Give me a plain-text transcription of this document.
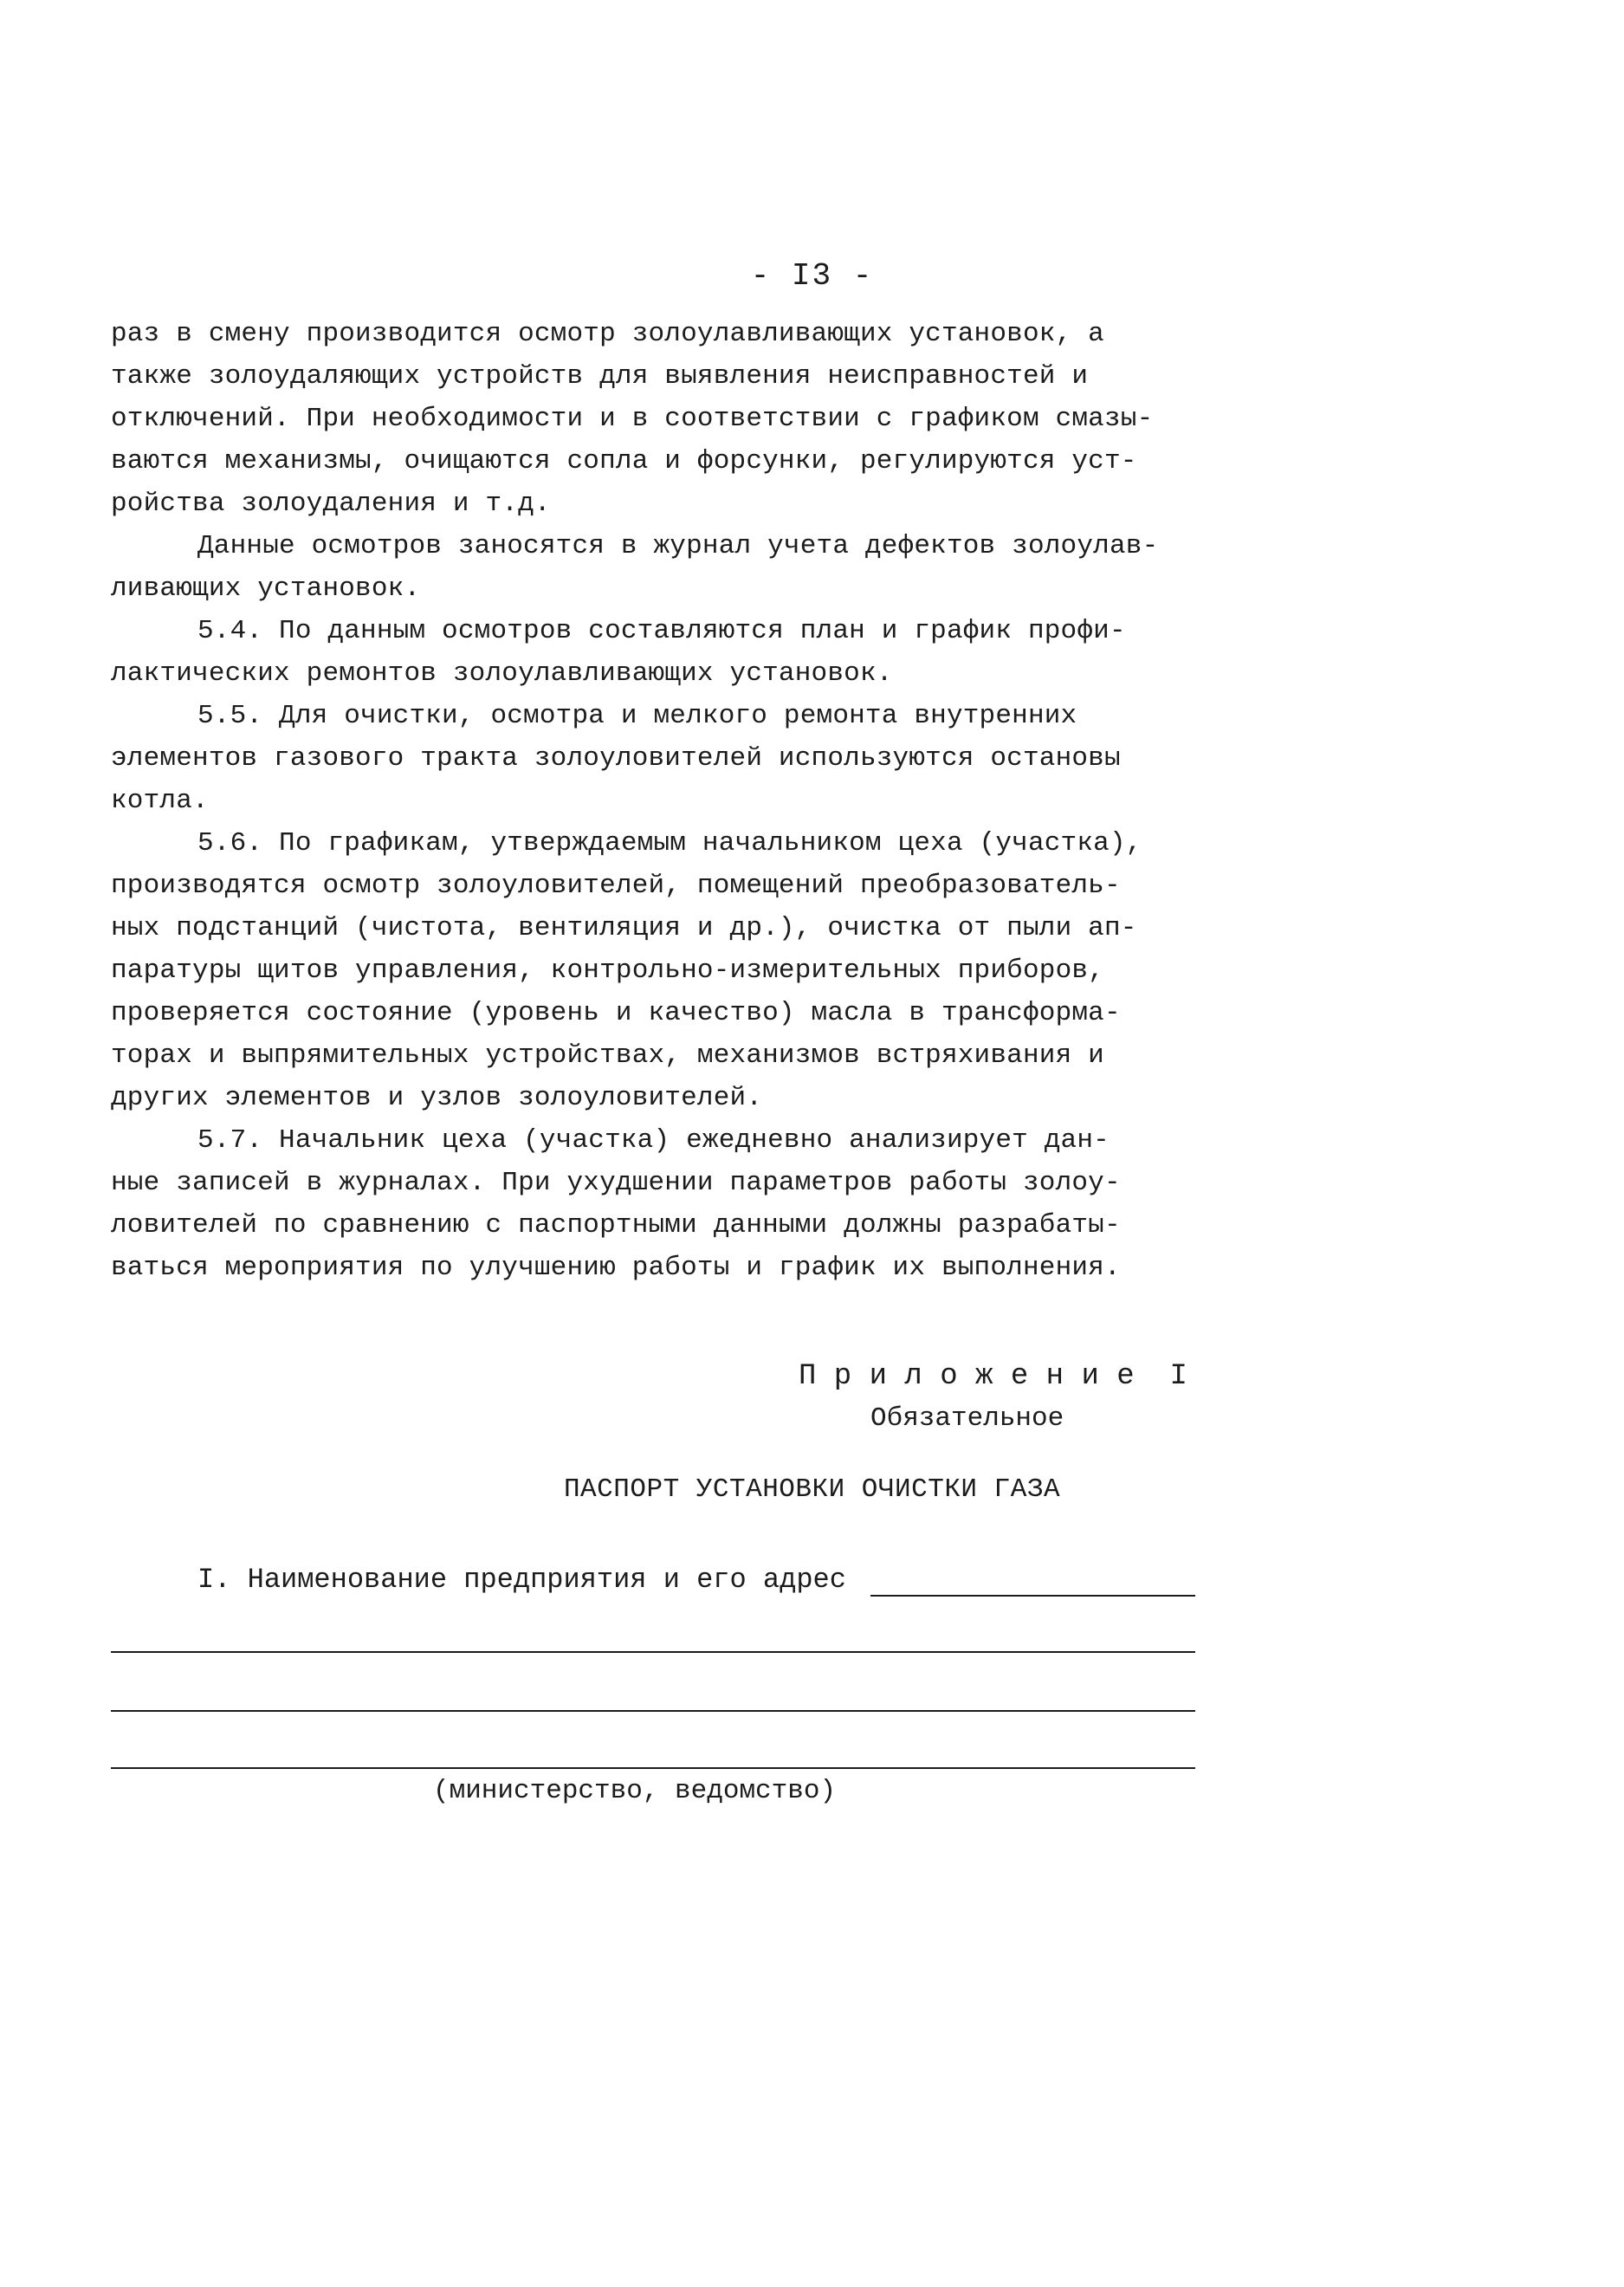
- I3 -
раз в смену производится осмотр золоулавливающих установок, а
также золоудаляющих устройств для выявления неисправностей и
отключений. При необходимости и в соответствии с графиком смазы-
ваются механизмы, очищаются сопла и форсунки, регулируются уст-
ройства золоудаления и т.д.
Данные осмотров заносятся в журнал учета дефектов золоулав-
ливающих установок.
5.4. По данным осмотров составляются план и график профи-
лактических ремонтов золоулавливающих установок.
5.5. Для очистки, осмотра и мелкого ремонта внутренних
элементов газового тракта золоуловителей используются остановы
котла.
5.6. По графикам, утверждаемым начальником цеха (участка),
производятся осмотр золоуловителей, помещений преобразователь-
ных подстанций (чистота, вентиляция и др.), очистка от пыли ап-
паратуры щитов управления, контрольно-измерительных приборов,
проверяется состояние (уровень и качество) масла в трансформа-
торах и выпрямительных устройствах, механизмов встряхивания и
других элементов и узлов золоуловителей.
5.7. Начальник цеха (участка) ежедневно анализирует дан-
ные записей в журналах. При ухудшении параметров работы золоу-
ловителей по сравнению с паспортными данными должны разрабаты-
ваться мероприятия по улучшению работы и график их выполнения.
П р и л о ж е н и е  I
Обязательное
ПАСПОРТ УСТАНОВКИ ОЧИСТКИ ГАЗА
I. Наименование предприятия и его адрес
(министерство, ведомство)
